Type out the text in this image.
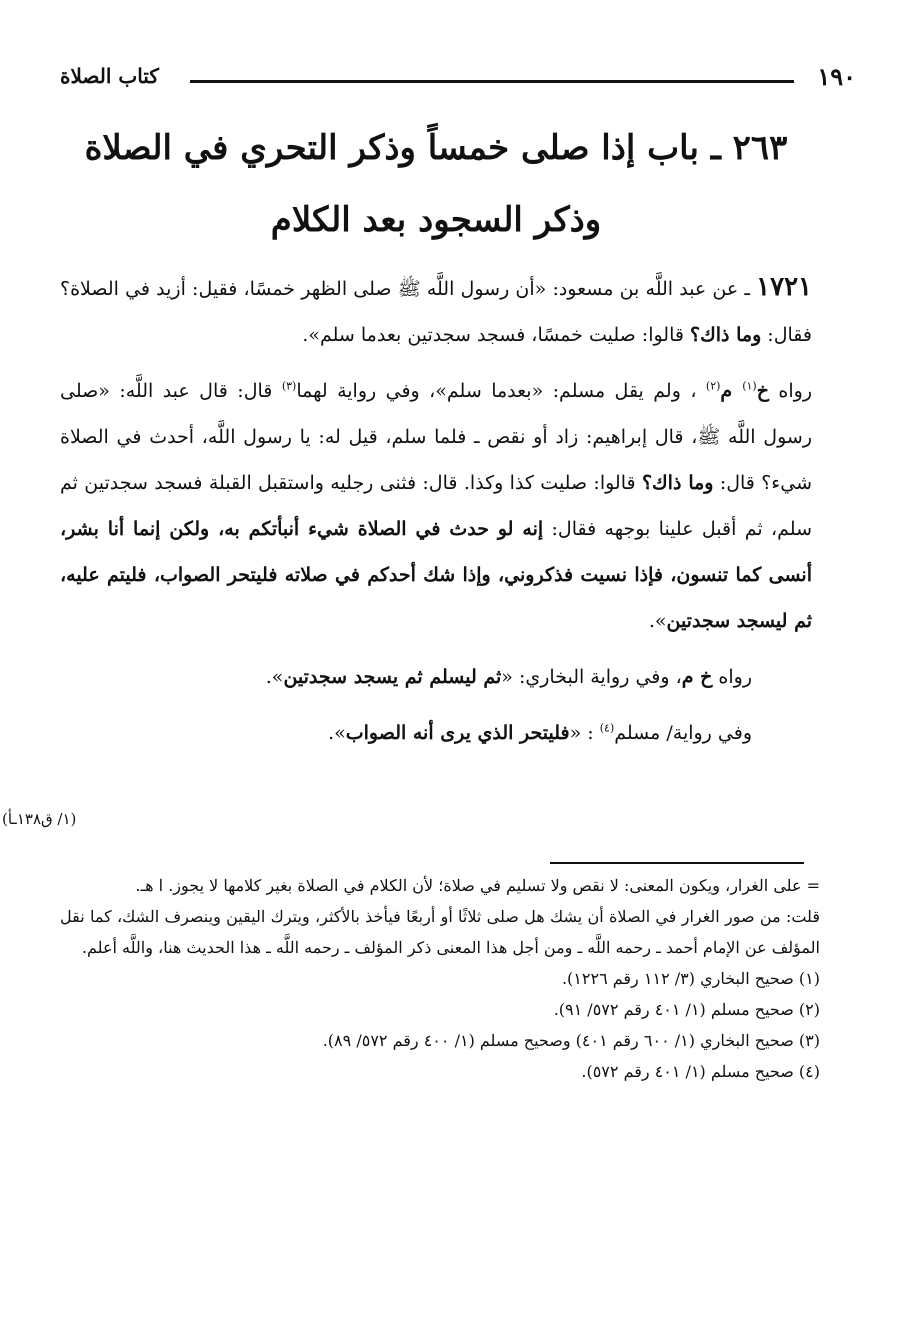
١٩٠
كتاب الصلاة
٢٦٣ ـ باب إذا صلى خمساً وذكر التحري في الصلاة
وذكر السجود بعد الكلام

١٧٢١ ـ عن عبد اللَّه بن مسعود: «أن رسول اللَّه ﷺ صلى الظهر خمسًا، فقيل: أزيد في الصلاة؟ فقال: وما ذاك؟ قالوا: صليت خمسًا، فسجد سجدتين بعدما سلم».

رواه خ$^{(١)}$ م$^{(٢)}$ ، ولم يقل مسلم: «بعدما سلم»، وفي رواية لهما$^{(٣)}$ قال: قال عبد اللَّه: «صلى رسول اللَّه ﷺ، قال إبراهيم: زاد أو نقص ـ فلما سلم، قيل له: يا رسول اللَّه، أحدث في الصلاة شيء؟ قال: وما ذاك؟ قالوا: صليت كذا وكذا. قال: فثنى رجليه واستقبل القبلة فسجد سجدتين ثم سلم، ثم أقبل علينا بوجهه فقال: إنه لو حدث في الصلاة شيء أنبأتكم به، ولكن إنما أنا بشر، أنسى كما تنسون، فإذا نسيت فذكروني، وإذا شك أحدكم في صلاته فليتحر الصواب، فليتم عليه، ثم ليسجد سجدتين».

رواه خ م، وفي رواية البخاري: «ثم ليسلم ثم يسجد سجدتين».

وفي رواية/ مسلم$^{(٤)}$ : «فليتحر الذي يرى أنه الصواب».

(١/ ق١٣٨ـأ)

= على الغرار، ويكون المعنى: لا نقص ولا تسليم في صلاة؛ لأن الكلام في الصلاة بغير كلامها لا يجوز. ا هـ.

قلت: من صور الغرار في الصلاة أن يشك هل صلى ثلاثًا أو أربعًا فيأخذ بالأكثر، ويترك اليقين وينصرف الشك، كما نقل المؤلف عن الإمام أحمد ـ رحمه اللَّه ـ ومن أجل هذا المعنى ذكر المؤلف ـ رحمه اللَّه ـ هذا الحديث هنا، واللَّه أعلم.

(١) صحيح البخاري (٣/ ١١٢ رقم ١٢٢٦).

(٢) صحيح مسلم (١/ ٤٠١ رقم ٥٧٢/ ٩١).

(٣) صحيح البخاري (١/ ٦٠٠ رقم ٤٠١) وصحيح مسلم (١/ ٤٠٠ رقم ٥٧٢/ ٨٩).

(٤) صحيح مسلم (١/ ٤٠١ رقم ٥٧٢).
